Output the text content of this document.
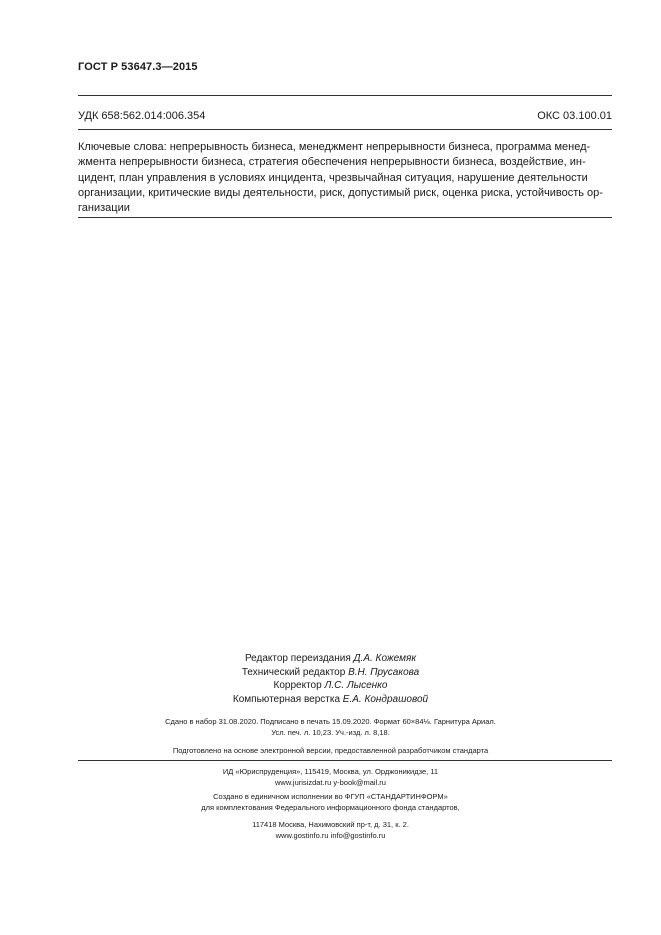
ГОСТ Р 53647.3—2015
УДК 658:562.014:006.354	ОКС 03.100.01

Ключевые слова: непрерывность бизнеса, менеджмент непрерывности бизнеса, программа менед-

жмента непрерывности бизнеса, стратегия обеспечения непрерывности бизнеса, воздействие, ин-

цидент, план управления в условиях инцидента, чрезвычайная ситуация, нарушение деятельности

организации, критические виды деятельности, риск, допустимый риск, оценка риска, устойчивость ор-

ганизации

Редактор переиздания Д.А. Кожемяк
Технический редактор В.Н. Прусакова
Корректор Л.С. Лысенко
Компьютерная верстка Е.А. Кондрашовой
Сдано в набор 31.08.2020. Подписано в печать 15.09.2020. Формат 60×84⅛. Гарнитура Ариал.
Усл. печ. л. 10,23. Уч.-изд. л. 8,18.
Подготовлено на основе электронной версии, предоставленной разработчиком стандарта
ИД «Юриспруденция», 115419, Москва, ул. Орджоникидзе, 11
www.jurisizdat.ru y-book@mail.ru
Создано в единичном исполнении во ФГУП «СТАНДАРТИНФОРМ»
для комплектования Федерального информационного фонда стандартов,
117418 Москва, Нахимовский пр-т, д. 31, к. 2.
www.gostinfo.ru info@gostinfo.ru
